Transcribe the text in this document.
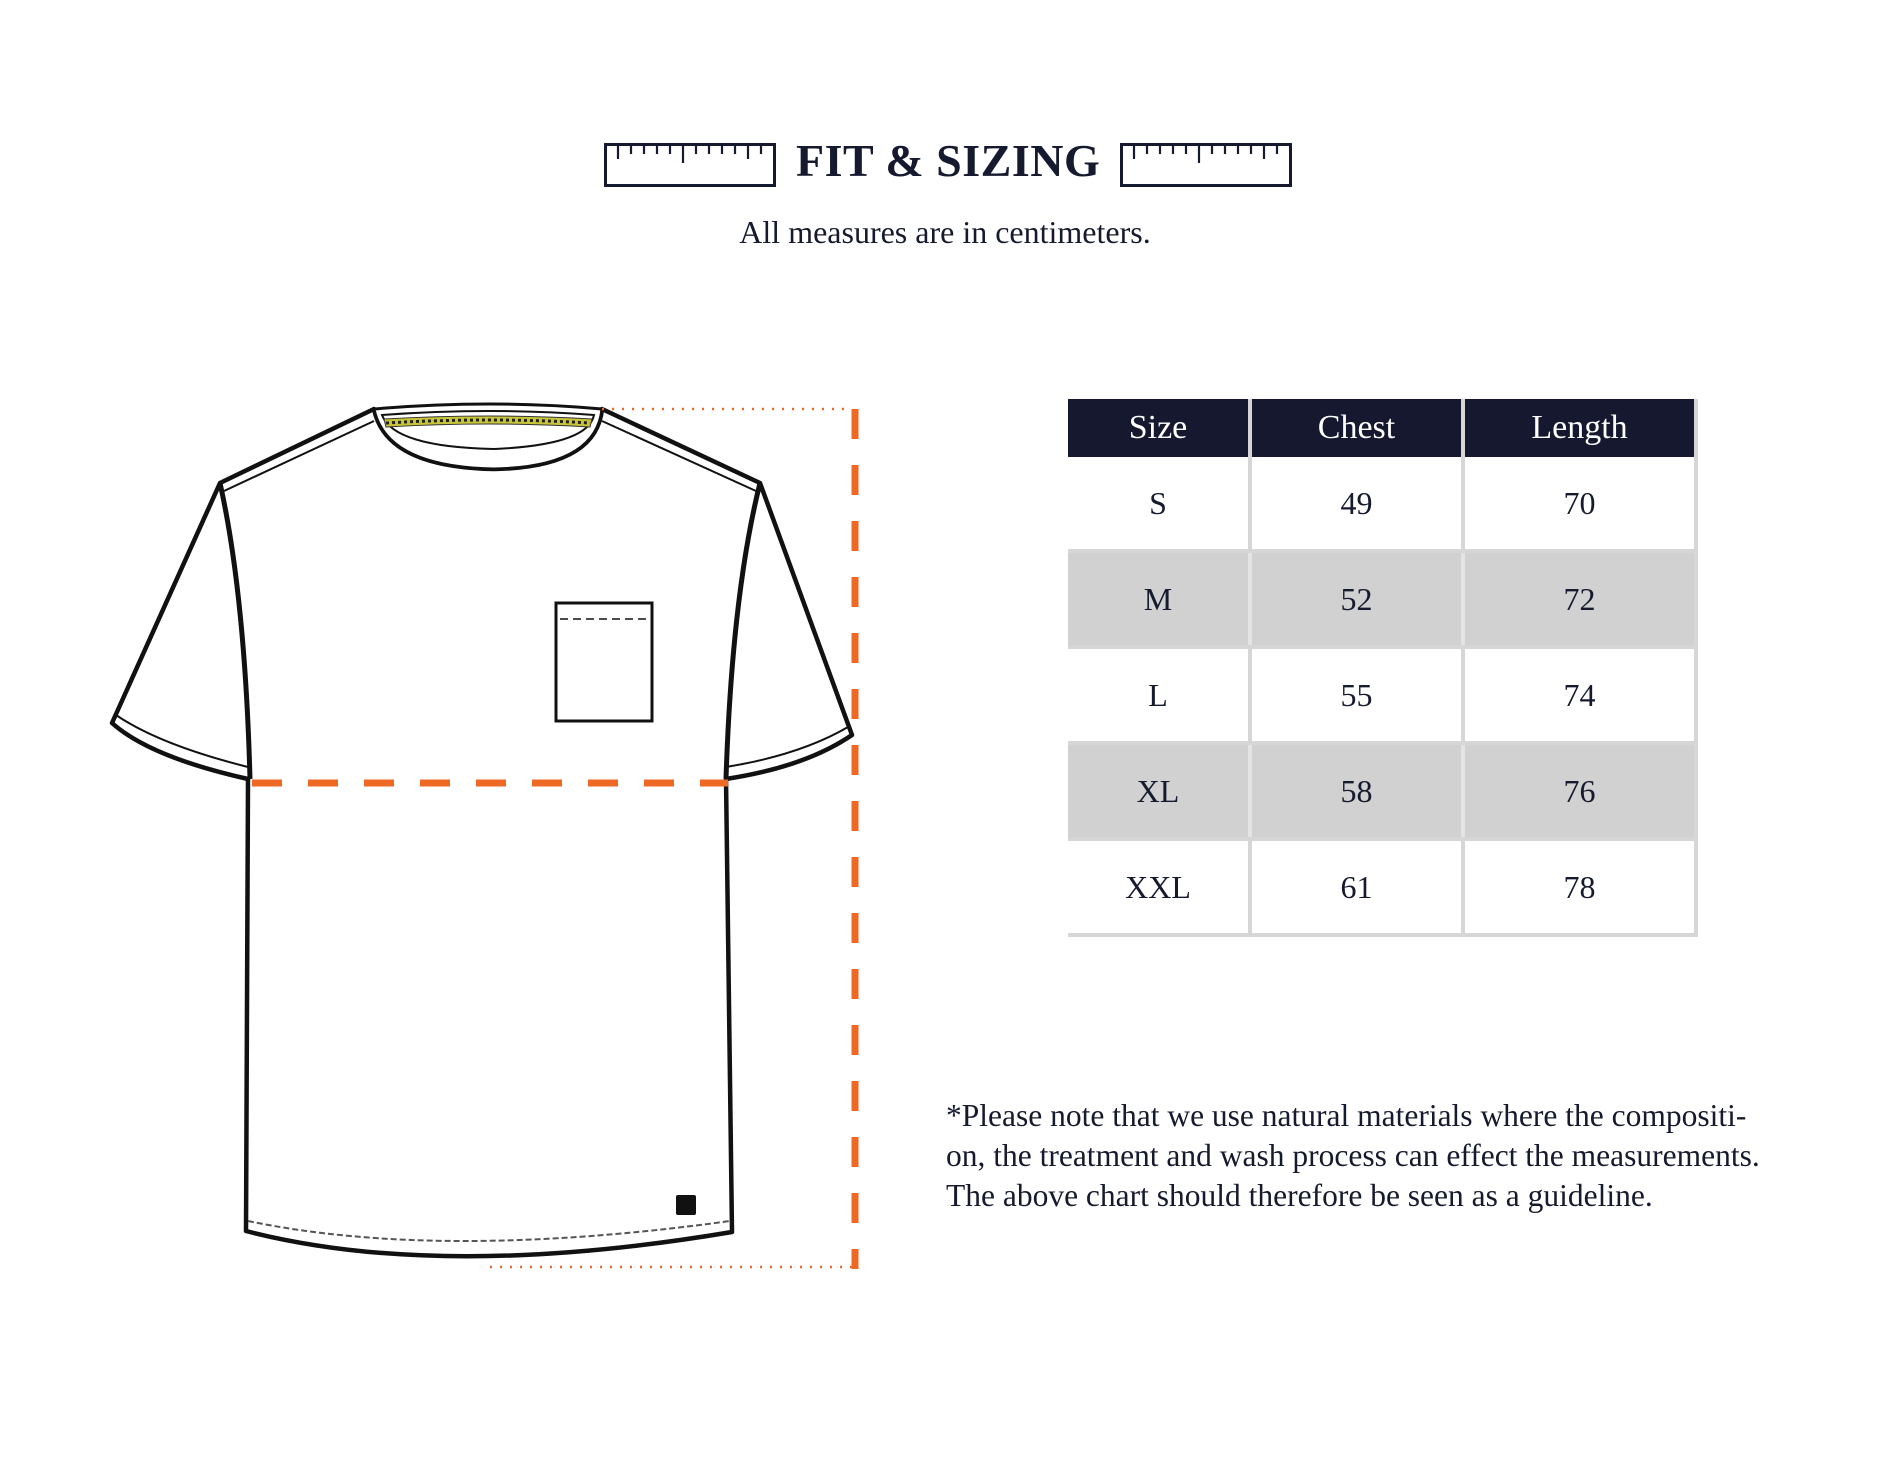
FIT & SIZING
All measures are in centimeters.
Size	Chest	Length
S	49	70
M	52	72
L	55	74
XL	58	76
XXL	61	78

*Please note that we use natural materials where the compositi-

on, the treatment and wash process can effect the measurements.

The above chart should therefore be seen as a guideline.
